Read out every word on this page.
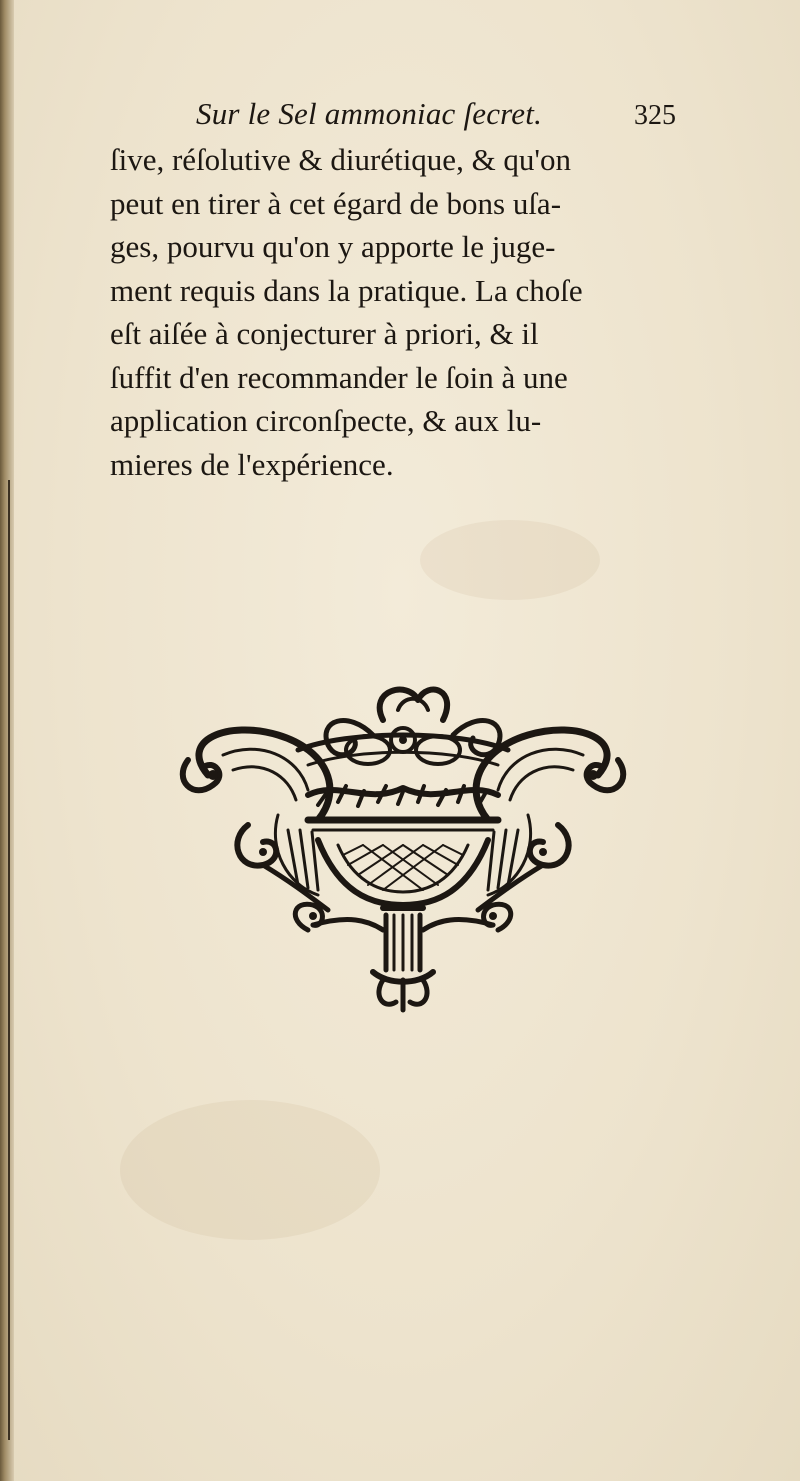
Sur le Sel ammoniac ſecret.	325
ſive, réſolutive & diurétique, & qu'on
peut en tirer à cet égard de bons uſa-
ges, pourvu qu'on y apporte le juge-
ment requis dans la pratique. La choſe
eſt aiſée à conjecturer à priori, & il
ſuffit d'en recommander le ſoin à une
application circonſpecte, & aux lu-
mieres de l'expérience.
